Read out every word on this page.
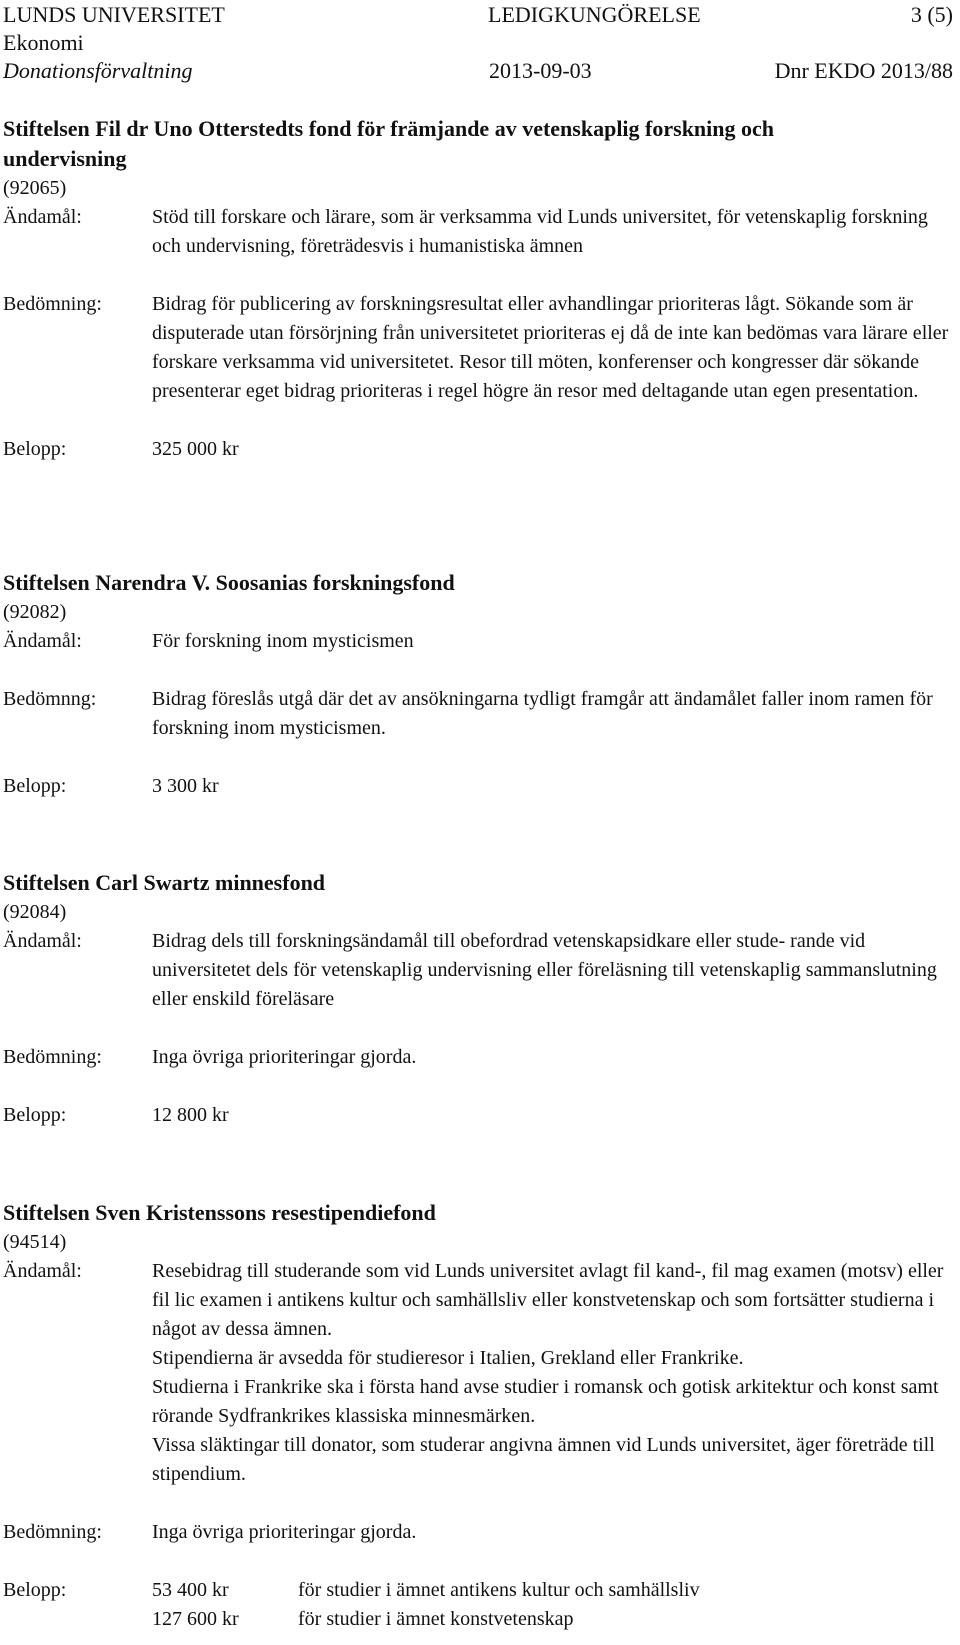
LUNDS UNIVERSITET	LEDIGKUNGÖRELSE	3 (5)
Ekonomi
Donationsförvaltning	2013-09-03	Dnr EKDO 2013/88
Stiftelsen Fil dr Uno Otterstedts fond för främjande av vetenskaplig forskning och undervisning
(92065)
Ändamål:	Stöd till forskare och lärare, som är verksamma vid Lunds universitet, för vetenskaplig forskning och undervisning, företrädesvis i humanistiska ämnen
Bedömning:	Bidrag för publicering av forskningsresultat eller avhandlingar prioriteras lågt. Sökande som är disputerade utan försörjning från universitetet prioriteras ej då de inte kan bedömas vara lärare eller forskare verksamma vid universitetet. Resor till möten, konferenser och kongresser där sökande presenterar eget bidrag prioriteras i regel högre än resor med deltagande utan egen presentation.
Belopp:	325 000 kr
Stiftelsen Narendra V. Soosanias forskningsfond
(92082)
Ändamål:	För forskning inom mysticismen
Bedömnng:	Bidrag föreslås utgå där det av ansökningarna tydligt framgår att ändamålet faller inom ramen för forskning inom mysticismen.
Belopp:	3 300 kr
Stiftelsen Carl Swartz minnesfond
(92084)
Ändamål:	Bidrag dels till forskningsändamål till obefordrad vetenskapsidkare eller stude- rande vid universitetet dels för vetenskaplig undervisning eller föreläsning till vetenskaplig sammanslutning eller enskild föreläsare
Bedömning:	Inga övriga prioriteringar gjorda.
Belopp:	12 800 kr
Stiftelsen Sven Kristenssons resestipendiefond
(94514)
Ändamål:	Resebidrag till studerande som vid Lunds universitet avlagt fil kand-, fil mag examen (motsv) eller fil lic examen i antikens kultur och samhällsliv eller konstvetenskap och som fortsätter studierna i något av dessa ämnen.

Stipendierna är avsedda för studieresor i Italien, Grekland eller Frankrike.

Studierna i Frankrike ska i första hand avse studier i romansk och gotisk arkitektur och konst samt rörande Sydfrankrikes klassiska minnesmärken.

Vissa släktingar till donator, som studerar angivna ämnen vid Lunds universitet, äger företräde till stipendium.

Bedömning:	Inga övriga prioriteringar gjorda.
Belopp:	53 400 kr	för studier i ämnet antikens kultur och samhällsliv
127 600 kr	för studier i ämnet konstvetenskap
